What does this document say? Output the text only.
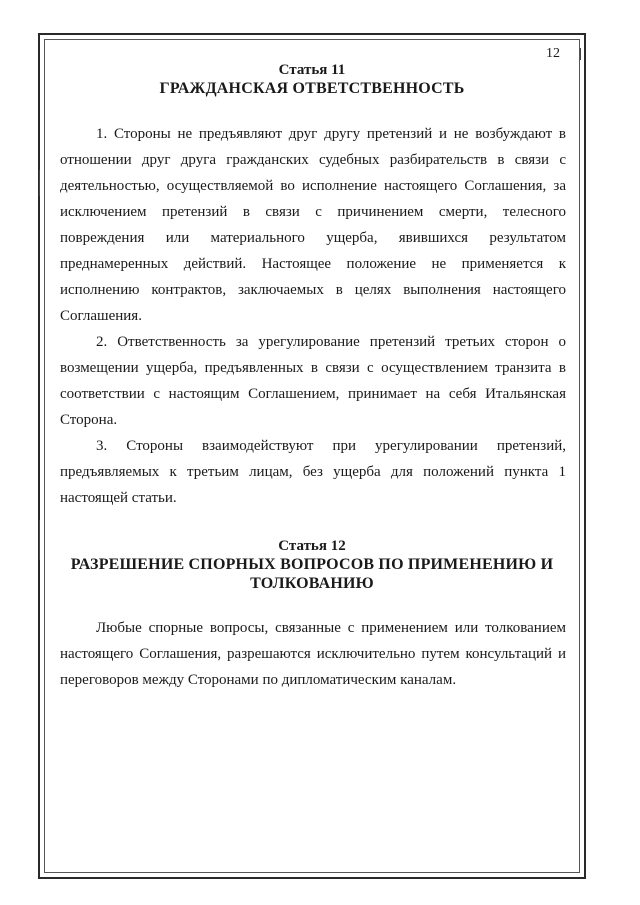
12
Статья 11
ГРАЖДАНСКАЯ ОТВЕТСТВЕННОСТЬ
1. Стороны не предъявляют друг другу претензий и не возбуждают в
отношении друг друга гражданских судебных разбирательств в связи с
деятельностью, осуществляемой во исполнение настоящего Соглашения, за
исключением претензий в связи с причинением смерти, телесного
повреждения или материального ущерба, явившихся результатом
преднамеренных действий. Настоящее положение не применяется к
исполнению контрактов, заключаемых в целях выполнения настоящего
Соглашения.
2. Ответственность за урегулирование претензий третьих сторон о
возмещении ущерба, предъявленных в связи с осуществлением транзита в
соответствии с настоящим Соглашением, принимает на себя Итальянская
Сторона.
3. Стороны взаимодействуют при урегулировании претензий,
предъявляемых к третьим лицам, без ущерба для положений пункта 1
настоящей статьи.
Статья 12
РАЗРЕШЕНИЕ СПОРНЫХ ВОПРОСОВ ПО ПРИМЕНЕНИЮ И
ТОЛКОВАНИЮ
Любые спорные вопросы, связанные с применением или толкованием
настоящего Соглашения, разрешаются исключительно путем консультаций и
переговоров между Сторонами по дипломатическим каналам.
